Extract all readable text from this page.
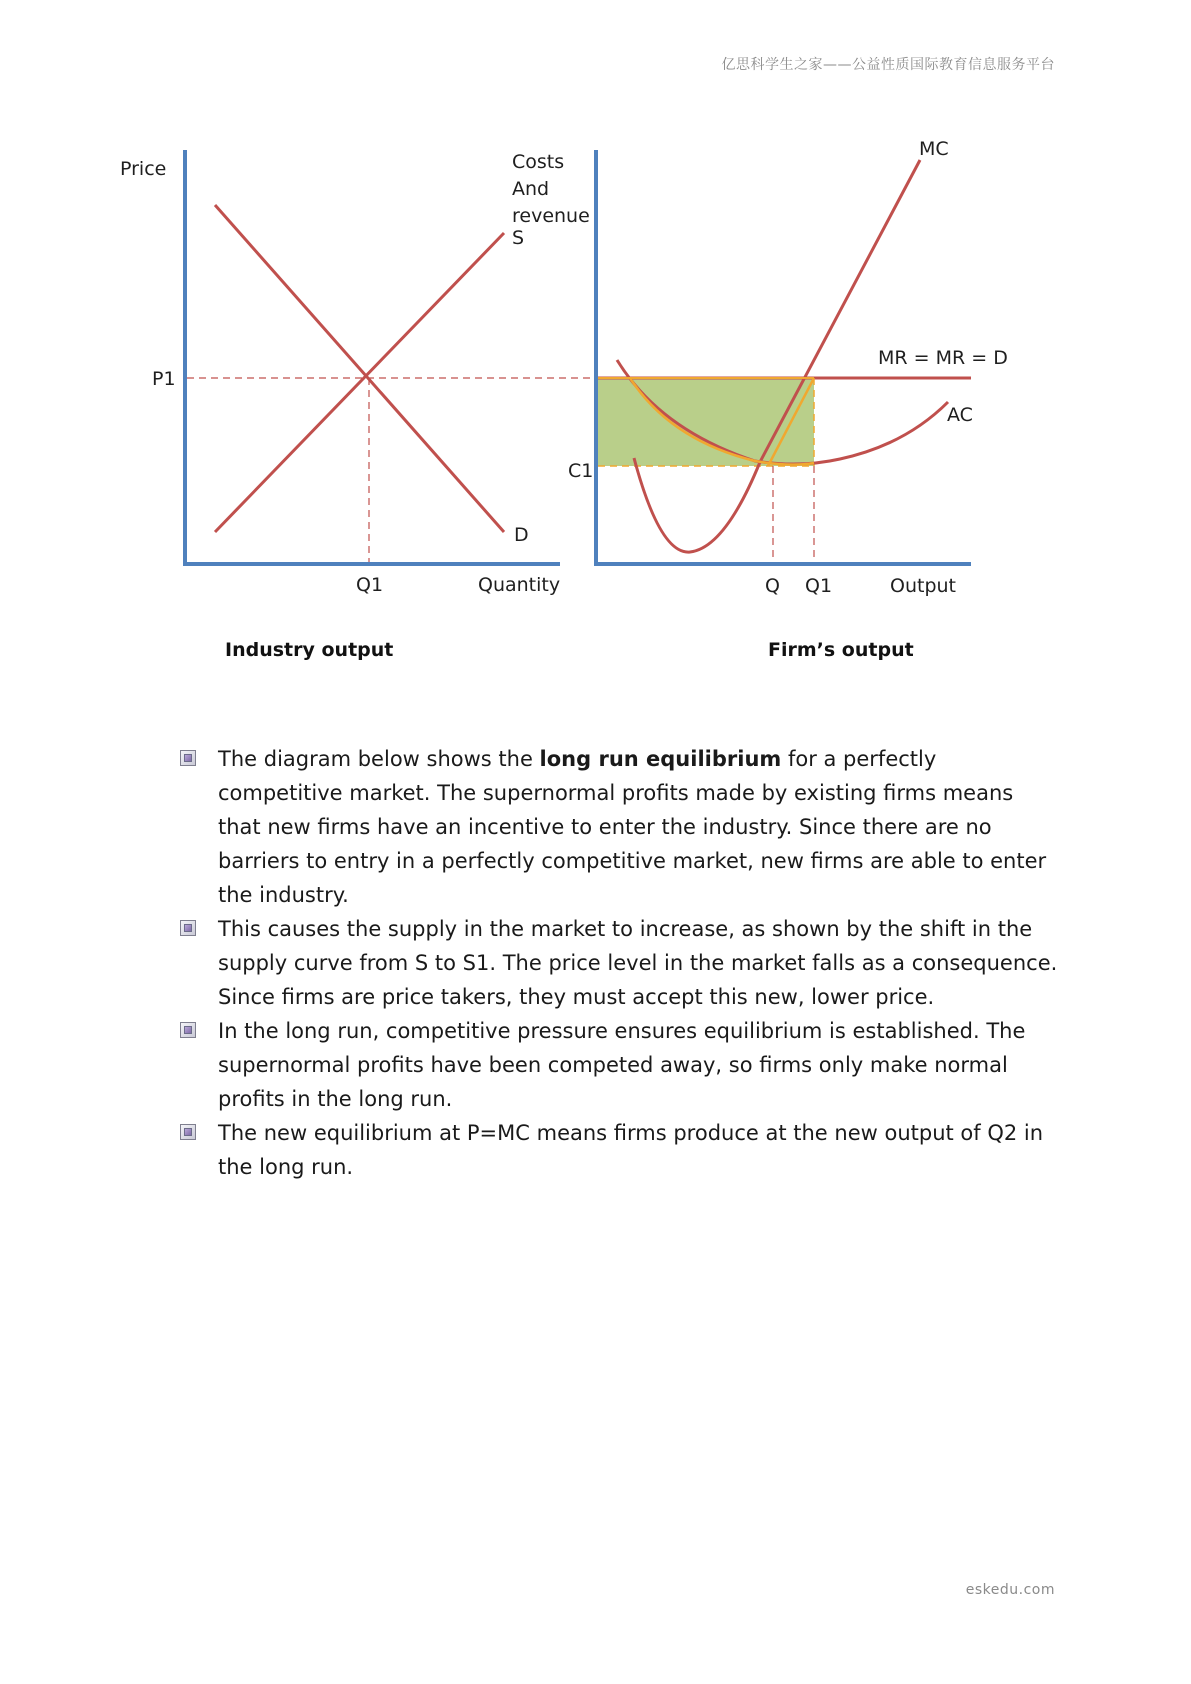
亿思科学生之家——公益性质国际教育信息服务平台
Price
S
D
P1
Q1	Quantity
Industry output
Costs
And
revenue
MC
MR = MR = D
AC
C1
Q Q1	Output
Firm’s output
The diagram below shows the long run equilibrium for a perfectly competitive market. The supernormal profits made by existing firms means that new firms have an incentive to enter the industry. Since there are no barriers to entry in a perfectly competitive market, new firms are able to enter the industry.
This causes the supply in the market to increase, as shown by the shift in the supply curve from S to S1. The price level in the market falls as a consequence. Since firms are price takers, they must accept this new, lower price.
In the long run, competitive pressure ensures equilibrium is established. The supernormal profits have been competed away, so firms only make normal profits in the long run.
The new equilibrium at P=MC means firms produce at the new output of Q2 in the long run.
eskedu.com
